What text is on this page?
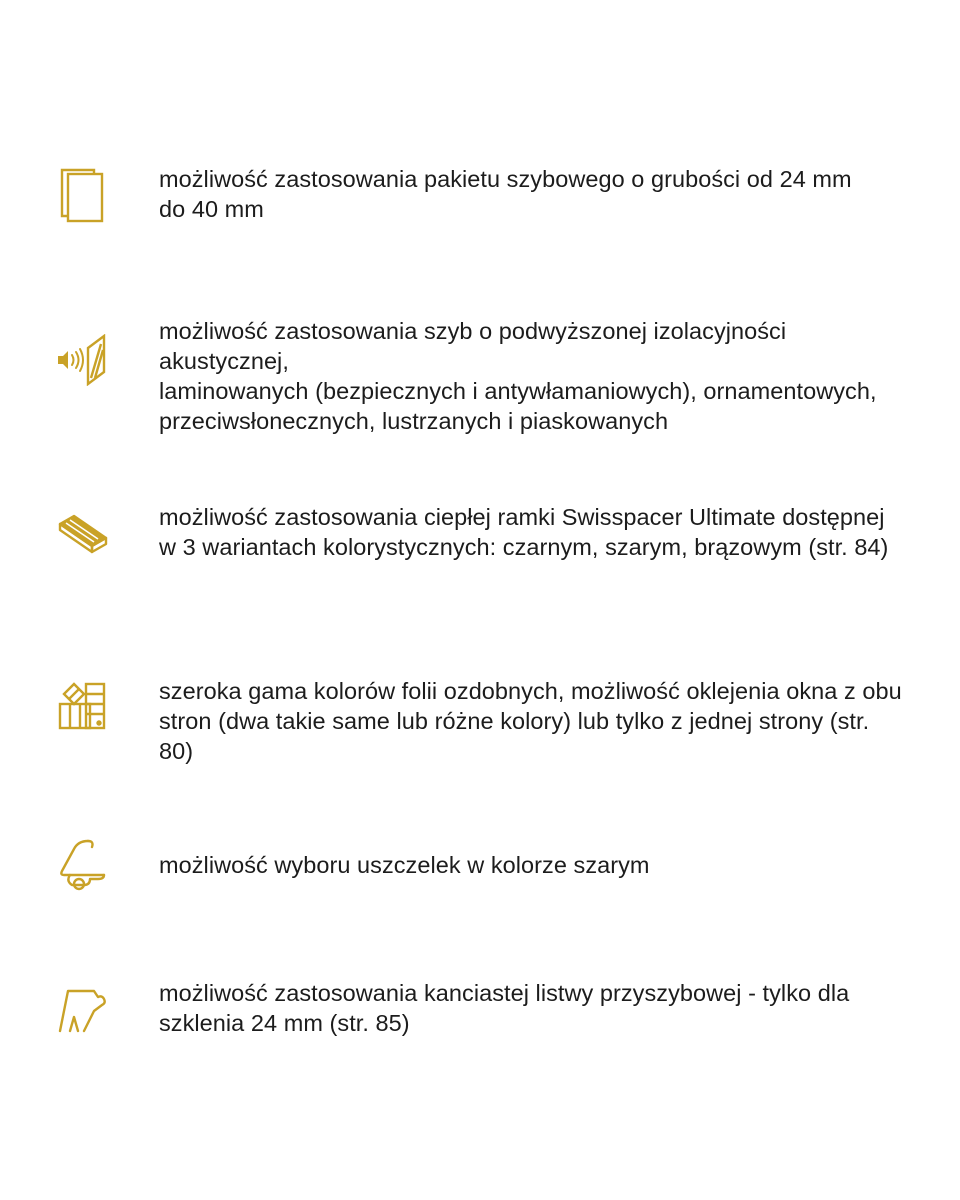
możliwość zastosowania pakietu szybowego o grubości od 24 mm
do 40 mm
możliwość zastosowania szyb o podwyższonej izolacyjności akustycznej,
laminowanych (bezpiecznych i antywłamaniowych), ornamentowych,
przeciwsłonecznych, lustrzanych i piaskowanych
możliwość zastosowania ciepłej ramki Swisspacer Ultimate dostępnej
w 3 wariantach kolorystycznych: czarnym, szarym, brązowym (str. 84)
szeroka gama kolorów folii ozdobnych, możliwość oklejenia okna z obu
stron (dwa takie same lub różne kolory) lub tylko z jednej strony (str. 80)
możliwość wyboru uszczelek w kolorze szarym
możliwość zastosowania kanciastej listwy przyszybowej - tylko dla
szklenia 24 mm (str. 85)
